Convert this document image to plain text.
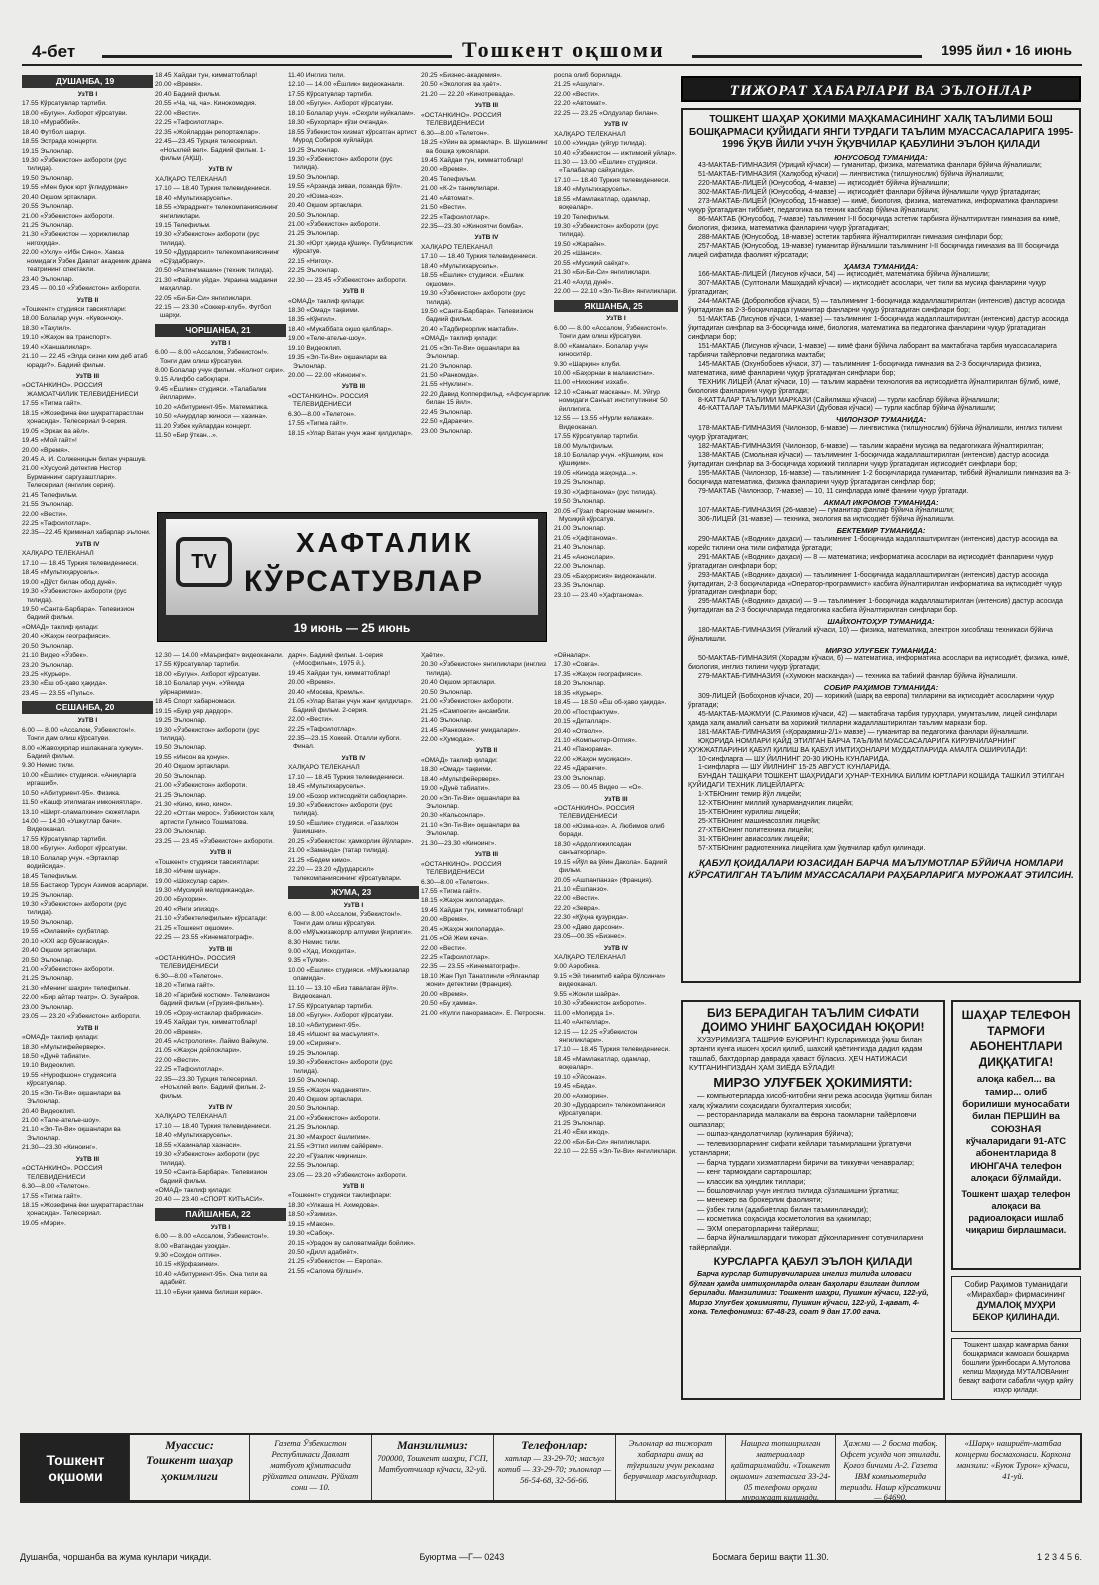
4-бет	Тошкент оқшоми	1995 йил • 16 июнь

ДУШАНБА, 19

УзТВ I

17.55 Кўрсатувлар тартиби.

18.00 «Бугун». Ахборот кўрсатуви.

18.10 «Мураббий».

18.40 Футбол шарҳи.

18.55 Эстрада концерти.

19.15 Эълонлар.

19.30 «Ўзбекистон» ахбороти (рус тилида).

19.50 Эълонлар.

19.55 «Мен буюк юрт ўғлидурман»

20.40 Оқшом эртаклари.

20.55 Эълонлар.

21.00 «Ўзбекистон» ахбороти.

21.25 Эълонлар.

21.30 «Ўзбекистон — ҳорижликлар нигоҳида».

22.00 «Ухлу» «Ибн Сино». Хамза номидаги Ўзбек Давлат академик драма театрининг спектакли.

23.40 Эълонлар.

23.45 — 00.10 «Ўзбекистон» ахбороти.

УзТВ II

«Тошкент» студияси тавсиятлари:

18.00 Болалар учун. «Кувончоқ».

18.30 «Таҳлил».

19.10 «Жаҳон ва транспорт».

19.40 «Ханшаликлар».

21.10 — 22.45 «Элда сизни ким деб атаб юради?». Бадиий фильм.

УзТВ III

«ОСТАНКИНО». РОССИЯ ЖАМОАТЧИЛИК ТЕЛЕВИДЕНИЕСИ

17.55 «Тигма гайт».

18.15 «Жозефина ёки шукраттарастлан ҳонасида». Телесериал 9-серия.

19.05 «Эркак ва аёл».

19.45 «Мой гайт»!

20.00 «Время».

20.45 А. И. Солженицын билан учрашув.

21.00 «Хусусий детектив Нестор Бурманнинг саргузаштлари». Телесериал (янгилик серия).

21.45 Телефильм.

21.55 Эълонлар.

22.00 «Вести».

22.25 «Тафсилотлар».

22.35—22.45 Криминал хабарлар эълони.

УзТВ IV

ХАЛҚАРО ТЕЛЕКАНАЛ

17.10 — 18.45 Туркия телевидениеси.

18.45 «Мультиҳарусель».

19.00 «Дўст билан обод дунё».

19.30 «Ўзбекистон» ахбороти (рус тилида).

19.50 «Санта-Барбара». Телевизион бадиий фильм.

«ОМАД» таклиф қилади:

20.40 «Жаҳон географияси».

20.50 Эълонлар.

21.10 Видео «Ўзбек».

23.20 Эълонлар.

23.25 «Курьер».

23.30 «Ёш об-ҳаво ҳақида».

23.45 — 23.55 «Пульс».

СЕШАНБА, 20

УзТВ I

6.00 — 8.00 «Ассалом, Ўзбекистон!». Тонги дам олиш кўрсатуви.

8.00 «Жавоҳирлар ишлаканага ҳужум». Бадиий фильм.

9.30 Немис тили.

10.00 «Ёшлик» студияси. «Аниқларга иргашиб».

10.50 «Абитуриент-95». Физика.

11.50 «Кашф этилмаган имкониятлар».

13.10 «Ширт-сламалхини» сюжетлари.

14.00 — 14.30 «Ушкутлар бачи». Видеоканал.

17.55 Кўрсатувлар тартиби.

18.00 «Бугун». Ахборот кўрсатуви.

18.10 Болалар учун. «Эртаклар водийсида».

18.45 Телефильм.

18.55 Бастакор Турсун Азимов асарлари.

19.25 Эълонлар.

19.30 «Ўзбекистон» ахбороти (рус тилида).

19.50 Эълонлар.

19.55 «Оилавий» суҳбатлар.

20.10 «XXI аср бўсағасида».

20.40 Оқшом эртаклари.

20.50 Эълонлар.

21.00 «Ўзбекистон» ахбороти.

21.25 Эълонлар.

21.30 «Менинг шаҳри» телефильм.

22.00 «Бир айтар театр». О. Зуғайров.

23.00 Эълонлар.

23.05 — 23.20 «Ўзбекистон» ахбороти.

УзТВ II

«ОМАД» таклиф қилади:

18.30 «Мультифейерверк».

18.50 «Дунё табиати».

19.10 Видеоклип.

19.55 «Нурофшон» студиясига кўрсатувлар.

20.15 «Эл-Ти-Ви» оқшанлари ва Эълонлар.

20.40 Видеоклип.

21.00 «Тале-атеље-шоу».

21.10 «Эл-Ти-Ви» оқшанлари ва Эълонлар.

21.30—23.30 «Киноинг».

УзТВ III

«ОСТАНКИНО». РОССИЯ ТЕЛЕВИДЕНИЕСИ

6.30—8.00 «Телетон».

17.55 «Тигма гайт».

18.15 «Жозефина ёки шукраттарастлан ҳонасида». Телесериал.

19.05 «Мэри».

18.45 Хайдаи тун, кимматтоблар!

20.00 «Время».

20.40 Бадиий фильм.

20.55 «Ча, ча, ча». Кинокомедия.

22.00 «Вести».

22.25 «Тафсилотлар».

22.35 «Жойлардан репортажлар».

22.45—23.45 Турция телесериал. «Ноъхлей вел». Бадиий фильм. 1-фильм (АҚШ).

УзТВ IV

ХАЛҚАРО ТЕЛЕКАНАЛ

17.10 — 18.40 Туркия телевидениеси.

18.40 «Мультихарусель».

18.55 «Уврадрнет» телекомпаниясининг янгиликлари.

19.15 Телефильм.

19.30 «Ўзбекистон» ахбороти (рус тилида).

19.50 «Дурдарсил» телекомпаниясининг «Сўздабраку».

20.50 «Ратингмашин» (техник тилида).

21.30 «Файзли уйда». Украина мадаини маҳаллар.

22.05 «Би-Би-Си» янгиликлари.

22.15 — 23.30 «Соккер-клуб». Футбол шарҳи.

ЧОРШАНБА, 21

УзТВ I

6.00 — 8.00 «Ассалом, Ўзбекистон!». Тонги дам олиш кўрсатуви.

8.00 Болалар учун фильм. «Колнот сири».

9.15 Алифбо сабоқлари.

9.45 «Ёшлик» студияси. «Талабалик йилларим».

10.20 «Абитуриент-95». Математика.

10.50 «Анурдлар жиноси — хазина».

11.20 Ўзбек куйлардан концерт.

11.50 «Бир ўткан...».

11.40 Инглиз тили.

12.10 — 14.00 «Ёшлик» видеоканали.

17.55 Кўрсатувлар тартиби.

18.00 «Бугун». Ахборот кўрсатуви.

18.10 Болалар учун. «Сеҳрли нуйкалам».

18.30 «Бухорлар» кўзи очганда».

18.55 Ўзбекистон хизмат кўрсатган артист Мурод Собиров куйлайди.

19.25 Эълонлар.

19.30 «Ўзбекистон» ахбороти (рус тилида).

19.50 Эълонлар.

19.55 «Арзанда зиваи, позанда бўл».

20.20 «Юзма-юз».

20.40 Оқшом эртаклари.

20.50 Эълонлар.

21.00 «Ўзбекистон» ахбороти.

21.25 Эълонлар.

21.30 «Юрт ҳақида қўшиқ». Публицистик кўрсатув.

22.15 «Нигоҳ».

22.25 Эълонлар.

22.30 — 23.45 «Ўзбекистон» ахбороти.

УзТВ II

«ОМАД» таклиф қилади:

18.30 «Омад» тақвими.

18.35 «Кўнгил».

18.40 «Мукаббата оқшо қалблар».

19.00 «Теле-атеље-шоу».

19.10 Видеоклип.

19.35 «Эл-Ти-Ви» оқшанлари ва Эълонлар.

20.00 — 22.00 «Киноинг».

УзТВ III

«ОСТАНКИНО». РОССИЯ ТЕЛЕВИДЕНИЕСИ

6.30—8.00 «Телетон».

17.55 «Тигма гайт».

18.15 «Улар Ватан учун жанг қилдилар».

20.25 «Бизнес-академия».

20.50 «Экология ва ҳаёт».

21.20 — 22.20 «Кинотревада».

УзТВ III

«ОСТАНКИНО». РОССИЯ ТЕЛЕВИДЕНИЕСИ

6.30—8.00 «Телетон».

18.25 «Уйин ва эрмаклар». В. Шукшининг ва бошқа ҳикоялари.

19.45 Хайдаи тун, кимматтоблар!

20.00 «Время».

20.45 Телефильм.

21.00 «К-2» таниқлилари.

21.40 «Автомат».

21.50 «Вести».

22.25 «Тафсилотлар».

22.35—23.30 «Жиноятчи бомба».

УзТВ IV

ХАЛҚАРО ТЕЛЕКАНАЛ

17.10 — 18.40 Туркия телевидениеси.

18.40 «Мультихарусель».

18.55 «Ёшлик» студияси. «Ёшлик оқшоми».

19.30 «Ўзбекистон» ахбороти (рус тилида).

19.50 «Санта-Барбара». Телевизион бадиий фильм.

20.40 «Тадбиркорлик мактаби».

«ОМАД» таклиф қилади:

21.05 «Эл-Ти-Ви» оқшанлари ва Эълонлар.

21.20 Эълонлар.

21.50 «Ранкомда».

21.55 «Нуклинг».

22.20 Давид Копперфильд. «Афсунгарлик билан 15 йил».

22.45 Эълонлар.

22.50 «Даракчи».

23.00 Эълонлар.

роспа олиб бориладн.

21.25 «Ашулаг».

22.00 «Вести».

22.20 «Автомат».

22.25 — 23.25 «Олдузлар билан».

УзТВ IV

ХАЛҚАРО ТЕЛЕКАНАЛ

10.00 «Уинда» (уйгур тилида).

10.40 «Ўзбекистон — ижтимоий уйлар».

11.30 — 13.00 «Ёшлик» студияси. «Талабалар сайҳагида».

17.10 — 18.40 Туркия телевидениеси.

18.40 «Мультихарусель».

18.55 «Мамлакатлар, одамлар, воқеалар».

19.20 Телефильм.

19.30 «Ўзбекистон» ахбороти (рус тилида).

19.50 «Жарайн».

20.25 «Шанси».

20.55 «Мусиқий саёҳат».

21.30 «Би-Би-Си» янгиликлари.

21.40 «Аҳлд дунё».

22.00 — 22.10 «Эл-Ти-Ви» янгиликлари.

ЯКШАНБА, 25

УзТВ I

6.00 — 8.00 «Ассалом, Ўзбекистон!». Тонги дам олиш кўрсатуви.

8.00 «Камалак». Болалар учун киноситёр.

9.30 «Шарқин» клуби.

10.00 «Баҳорнаи в малакистни».

11.00 «Нихонинг изхаб».

12.10 «Саньат масканы». М. Уйгур номидаги Санъат институтининг 50 йиллигига.

12.55 — 13.55 «Нурли келажак». Видеоканал.

17.55 Кўрсатувлар тартиби.

18.00 Мультфильм.

18.10 Болалар учун. «Кўшиқим, кон қўшиқим».

19.05 «Кинода жаҳонда...».

19.25 Эълонлар.

19.30 «Ҳафтанома» (рус тилида).

19.50 Эълонлар.

20.05 «Гўзал Фарғонам менинг». Мусиқий кўрсатув.

21.00 Эълонлар.

21.05 «Ҳафтанома».

21.40 Эълонлар.

21.45 «Анонслари».

22.00 Эълонлар.

23.05 «Баҳорисия» видеоканали.

23.35 Эълонлар.

23.10 — 23.40 «Ҳафтанома».

TV
ХАФТАЛИК
КЎРСАТУВЛАР
19 июнь — 25 июнь

12.30 — 14.00 «Маърифат» видеоканали.

17.55 Кўрсатувлар тартиби.

18.00 «Бугун». Ахборот кўрсатуви.

18.10 Болалар учун. «Уйкида уйрнаримиз».

18.45 Спорт хабарномаси.

19.15 «Букр уяр дардор».

19.25 Эълонлар.

19.30 «Ўзбекистон» ахбороти (рус тилида).

19.50 Эълонлар.

19.55 «Инсон ва қонун».

20.40 Оқшом эртаклари.

20.50 Эълонлар.

21.00 «Ўзбекистон» ахбороти.

21.25 Эълонлар.

21.30 «Кино, кино, кино».

22.20 «Оттан мерос». Ўзбекистон халқ артисти Гулнисо Тошматова.

23.00 Эълонлар.

23.25 — 23.45 «Ўзбекистон» ахбороти.

УзТВ II

«Тошкент» студияси тавсиятлари:

18.30 «Ичим шунар».

19.00 «Шохсулар сари».

19.30 «Мусиқий мелодиканода».

20.00 «Бухорин».

20.40 «Янги эпизод».

21.10 «Ўзбектелефильм» кўрсатади:

21.25 «Тошкент оқшоми».

22.25 — 23.55 «Кинематограф».

УзТВ III

«ОСТАНКИНО». РОССИЯ ТЕЛЕВИДЕНИЕСИ

6.30—8.00 «Телетон».

18.20 «Тигма гайт».

18.20 «Гарибиё костюм». Телевизион бадиий фильм («Грузия-фильм»).

19.05 «Орзу-истаклар фабрикаси».

19.45 Хайдаи тун, кимматтоблар!

20.00 «Время».

20.45 «Астрология». Лаймо Вайкуле.

21.05 «Жаҳон дойлоклари».

22.00 «Вести».

22.25 «Тафсилотлар».

22.35—23.30 Турция телесериал. «Ноъхлей вел». Бадиий фильм. 2-фильм.

УзТВ IV

ХАЛҚАРО ТЕЛЕКАНАЛ

17.10 — 18.40 Туркия телевидениеси.

18.40 «Мультихарусель».

18.55 «Хазиналар хазнаси».

19.30 «Ўзбекистон» ахбороти (рус тилида).

19.50 «Санта-Барбара». Телевизион бадиий фильм.

«ОМАД» таклиф қилади:

20.40 — 23.40 «СПОРТ КИТЬАСИ».

ПАЙШАНБА, 22

УзТВ I

6.00 — 8.00 «Ассалом, Ўзбекистон!».

8.00 «Ватандан узоқда».

9.30 «Соҳдон олтин».

10.15 «Кўрфазинки».

10.40 «Абитуриент-95». Она тили ва адабиёт.

11.10 «Буни қамма билиши керак».

дарч». Бадиий фильм. 1-серия («Мосфильм», 1975 й.).

19.45 Хайдаи тун, кимматтоблар!

20.00 «Время».

20.40 «Москва, Кремль».

21.05 «Улар Ватан учун жанг қилдилар». Бадиий фильм. 2-серия.

22.00 «Вести».

22.25 «Тафсилотлар».

22.35—23.15 Хоккей. Оталли кубоги. Финал.

УзТВ IV

ХАЛҚАРО ТЕЛЕКАНАЛ

17.10 — 18.45 Туркия телевидениеси.

18.45 «Мультихарусель».

19.00 «Бозор иктисодиёти сабоқлари».

19.30 «Ўзбекистон» ахбороти (рус тилида).

19.50 «Ёшлик» студияси. «Газалхон ўшиишни».

20.25 «Ўзбекистон: ҳамкорлик йўллари».

21.00 «Заманда» (татар тилида).

21.25 «Бедем кимо».

22.20 — 23.20 «Дурдарсил» телекомпаниясининг кўрсатувлари.

ЖУМА, 23

УзТВ I

6.00 — 8.00 «Ассалом, Ўзбекистон!». Тонги дам олиш кўрсатуви.

8.00 «Мўъжизакорлр алтумви ўғирлиги».

8.30 Немис тили.

9.00 «Ҳад, Искодита».

9.35 «Тулки».

10.00 «Ёшлик» студияси. «Мўъжизалар оламида».

11.10 — 13.10 «Биз тавалаган йўл». Видеоканал.

17.55 Кўрсатувлар тартиби.

18.00 «Бугун». Ахборот кўрсатуви.

18.10 «Абитуриент-95».

18.45 «Ишонт ва масъулият».

19.00 «Сириянг».

19.25 Эълонлар.

19.30 «Ўзбекистон» ахбороти (рус тилида).

19.50 Эълонлар.

19.55 «Жаҳон маданияти».

20.40 Оқшом эртаклари.

20.50 Эълонлар.

21.00 «Ўзбекистон» ахбороти.

21.25 Эълонлар.

21.30 «Маҳрост ёшлигим».

21.55 «Эттил иилим сайёрем».

22.20 «Гўзалик чиқиниш».

22.55 Эълонлар.

23.05 — 23.20 «Ўзбекистон» ахбороти.

УзТВ II

«Тошкент» студияси таклифлари:

18.30 «Улкаша Н. Ахмедова».

18.50 «Ўзимиз».

19.15 «Макон».

19.30 «Сабоқ».

20.15 «Урадон ву саловатмайди бойлик».

20.50 «Дилл адабиёт».

21.25 «Ўзбекистон — Европа».

21.55 «Салома бўлшн!».

Ҳаёти».

20.30 «Ўзбекистон» янгиликлари (инглиз тилида).

20.40 Оқшом эртаклари.

20.50 Эълонлар.

21.00 «Ўзбекистон» ахбороти.

21.25 «Сампоеги» ансамбли.

21.40 Эълонлар.

21.45 «Ранкомнинг умидалари».

22.00 «Ҳумодаз».

УзТВ II

«ОМАД» таклиф қилади:

18.30 «Омад» тақвими.

18.40 «Мультфейерверк».

19.00 «Дунё табиати».

20.00 «Эл-Ти-Ви» оқшанлари ва Эълонлар.

20.30 «Кальсонлар».

21.10 «Эл-Ти-Ви» оқшанлари ва Эълонлар.

21.30—23.30 «Киноинг».

УзТВ III

«ОСТАНКИНО». РОССИЯ ТЕЛЕВИДЕНИЕСИ

6.30—8.00 «Телетон».

17.55 «Тигма гайт».

18.15 «Жаҳон жилоларда».

19.45 Хайдаи тун, кимматтоблар!

20.00 «Время».

20.45 «Жаҳон жилоларда».

21.05 «Ой Жем кеча».

22.00 «Вести».

22.25 «Тафсилотлар».

22.35 — 23.55 «Кинематограф».

18.10 Жан Пул Танатлинли «Ялғанлар жони» детективи (Франция).

20.00 «Время».

20.50 «Бу ҳамма».

21.00 «Кулги панорамаси». Е. Петросян.

«Ойналар».

17.30 «Совга».

17.35 «Жаҳон географияси».

18.20 Эълонлар.

18.35 «Курьер».

18.45 — 18.50 «Ёш об-ҳаво ҳақида».

20.00 «Постфактум».

20.15 «Деталлар».

20.40 «Отвол»».

21.10 «Компьютер-Оптия».

21.40 «Панорама».

22.00 «Жаҳон мусиқаси».

22.45 «Даракчи».

23.00 Эълонлар.

23.05 — 00.45 Видео — «О».

УзТВ III

«ОСТАНКИНО». РОССИЯ ТЕЛЕВИДЕНИЕСИ

18.00 «Юзма-юз». А. Любимов олиб боради.

18.30 «Ардолгижилсадан санъаткорлар».

19.15 «Йўл ва ўйин Дакола». Бадиий фильм.

20.05 «Ашпанпанза» (Франция).

21.10 «Ёшпанзо».

22.00 «Вести».

22.20 «Зевра».

22.30 «Қўҳна қузурида».

23.00 «Даво дарсони».

23.05—00.35 «Бизнес».

УзТВ IV

ХАЛҚАРО ТЕЛЕКАНАЛ

9.00 Аэробика.

9.15 «Эй тинимтиб кайра бўлсинчи» видеоканал.

9.55 «Жонли шайра».

10.30 «Ўзбекистон ахбороти».

11.00 «Молирда 1».

11.40 «Антеллар».

12.15 — 12.25 «Ўзбекистон янгиликлари».

17.10 — 18.45 Туркия телевидениеси.

18.45 «Мамлакатлар, одамлар, воқеалар».

19.10 «Ўйсоназ».

19.45 «Беда».

20.00 «Ахморин».

20.30 «Дурдарсил» телекомпанияси кўрсатувлари.

21.25 Эълонлар.

21.40 «Ёки ижод».

22.00 «Би-Би-Си» янгиликлари.

22.10 — 22.55 «Эл-Ти-Ви» янгиликлари.

ТИЖОРАТ ХАБАРЛАРИ ВА ЭЪЛОНЛАР
ТОШКЕНТ ШАҲАР ҲОКИМИ МАҲКАМАСИНИНГ ХАЛҚ ТАЪЛИМИ БОШ БОШҚАРМАСИ ҚУЙИДАГИ ЯНГИ ТУРДАГИ ТАЪЛИМ МУАССАСАЛАРИГА 1995-1996 ЎҚУВ ЙИЛИ УЧУН ЎҚУВЧИЛАР ҚАБУЛИНИ ЭЪЛОН ҚИЛАДИ
ЮНУСОБОД ТУМАНИДА:

43-МАКТАБ-ГИМНАЗИЯ (Уриций кўчаси) — гуманитар, физика, математика фанлари бўйича йўналишли;

51-МАКТАБ-ГИМНАЗИЯ (Халқобод кўчаси) — лингвистика (тилшунослик) бўйича йўналишли;

220-МАКТАБ-ЛИЦЕЙ (Юнусобод, 4-мавзе) — иқтисодиёт бўйича йўналишли;

302-МАКТАБ-ЛИЦЕЙ (Юнусобод, 4-мавзе) — иқтисодиёт фанлари бўйича йўналишли чуқур ўргатадиган;

273-МАКТАБ-ЛИЦЕЙ (Юнусобод, 15-мавзе) — кимё, биология, физика, математика, информатика фанларини чуқур ўргатадиган тиббиёт, педагогика ва техник касблар бўйича йўналишли;

86-МАКТАБ (Юнусобод, 7-мавзе) таълимнинг I-II босқичида эстетик тарбияга йўналтирилган гимназия ва кимё, биология, физика, математика фанларини чуқур ўргатадиган;

288-МАКТАБ (Юнусобод, 18-мавзе) эстетик тарбияга йўналтирилган гимназия синфлари бор;

257-МАКТАБ (Юнусобод, 19-мавзе) гуманитар йўналишли таълимнинг I-II босқичида гимназия ва III босқичида лицей сифатида фаолият кўрсатади;

ҲАМЗА ТУМАНИДА:

166-МАКТАБ-ЛИЦЕЙ (Лисунов кўчаси, 54) — иқтисодиёт, математика бўйича йўналишли;

307-МАКТАБ (Султонали Машҳадий кўчаси) — иқтисодиёт асослари, чет тили ва мусиқа фанларини чуқур ўргатадиган;

244-МАКТАБ (Добролюбов кўчаси, 5) — таълимнинг 1-босқичида жадаллаштирилган (интенсив) дастур асосида ўқитадиган ва 2-3-босқичларда гуманитар фанларни чуқур ўргатадиган синфлари бор;

51-МАКТАБ (Лисунов кўчаси, 1-мавзе) — таълимнинг 1-босқичида жадаллаштирилган (интенсив) дастур асосида ўқитадиган синфлар ва 3-босқичида кимё, биология, математика ва педагогика фанларини чуқур ўргатадиган синфлари бор;

151-МАКТАБ (Лисунов кўчаси, 1-мавзе) — кимё фани бўйича лаборант ва мактабгача тарбия муассасаларига тарбиячи тайёрловчи педагогика мактаби;

145-МАКТАБ (Охунбобоев кўчаси, 37) — таълимнинг 1-босқичида гимназия ва 2-3 босқичларида физика, математика, кимё фанларини чуқур ўргатадиган синфлари бор;

ТЕХНИК ЛИЦЕЙ (Алат кўчаси, 10) — таълим жараёни технология ва иқтисодиётга йўналтирилган бўлиб, кимё, биология фанларини чуқур ўргатади;

8-КАТТАЛАР ТАЪЛИМИ МАРКАЗИ (Сайилмаш кўчаси) — турли касблар бўйича йўналишли;

46-КАТТАЛАР ТАЪЛИМИ МАРКАЗИ (Дубовая кўчаси) — турли касблар бўйича йўналишли;

ЧИЛОНЗОР ТУМАНИДА:

178-МАКТАБ-ГИМНАЗИЯ (Чилонзор, 6-мавзе) — лингвистика (тилшунослик) бўйича йўналишли, инглиз тилини чуқур ўргатадиган;

182-МАКТАБ-ГИМНАЗИЯ (Чилонзор, 6-мавзе) — таълим жараёни мусиқа ва педагогикага йўналтирилган;

138-МАКТАБ (Смольная кўчаси) — таълимнинг 1-босқичида жадаллаштирилган (интенсив) дастур асосида ўқитадиган синфлар ва 3-босқичида хорижий тилларни чуқур ўргатадиган иқтисодиёт синфлари бор;

195-МАКТАБ (Чилонзор, 16-мавзе) — таълимнинг 1-2 босқичларида гуманитар, тиббий йўналишли гимназия ва 3-босқичида математика, физика фанларини чуқур ўргатадиган синфлар бор;

79-МАКТАБ (Чилонзор, 7-мавзе) — 10, 11 синфларда кимё фанини чуқур ўргатади.

АКМАЛ ИКРОМОВ ТУМАНИДА:

107-МАКТАБ-ГИМНАЗИЯ (26-мавзе) — гуманитар фанлар бўйича йўналишли;

306-ЛИЦЕЙ (31-мавзе) — техника, экология ва иқтисодиёт бўйича йўналишли.

БЕКТЕМИР ТУМАНИДА:

290-МАКТАБ («Водник» даҳаси) — таълимнинг 1-босқичида жадаллаштирилган (интенсив) дастур асосида ва корейс тилини она тили сифатида ўргатади;

291-МАКТАБ («Водник» даҳаси) — 8 — математика; информатика асослари ва иқтисодиёт фанларини чуқур ўргатадиган синфлари бор;

293-МАКТАБ («Водник» даҳаси) — таълимнинг 1-босқичида жадаллаштирилган (интенсив) дастур асосида ўқитадиган, 2-3 босқичларида «Оператор-программист» касбига йўналтирилган информатика ва иқтисодиёт чуқур ўргатадиган синфлари бор;

295-МАКТАБ («Водник» даҳаси) — 9 — таълимнинг 1-босқичида жадаллаштирилган (интенсив) дастур асосида ўқитадиган ва 2-3 босқичларида педагогика касбига йўналтирилган синфлари бор.

ШАЙХОНТОҲУР ТУМАНИДА:

180-МАКТАБ-ГИМНАЗИЯ (Уйғалий кўчаси, 10) — физика, математика, электрон хисоблаш техникаси бўйича йўналишли.

МИРЗО УЛУҒБЕК ТУМАНИДА:

50-МАКТАБ-ГИМНАЗИЯ (Хорадзм кўчаси, 6) — математика, информатика асослари ва иқтисодиёт, физика, кимё, биология, инглиз тилини чуқур ўргатади;

279-МАКТАБ-ГИМНАЗИЯ («Хумоюн масканда») — техника ва табиий фанлар бўйича йўналишли.

СОБИР РАҲИМОВ ТУМАНИДА:

309-ЛИЦЕЙ (Бобоҳонов кўчаси, 20) — хорижий (шарқ ва европа) тилларини ва иқтисодиёт асосларини чуқур ўргатади;

45-МАКТАБ-МАЖМУИ (С.Рахимов кўчаси, 42) — мактабгача тарбия гуруҳлари, умумтаълим, лицей синфлари ҳамда халқ амалий санъати ва хорижий тилларни жадаллаштирилган таълим маркази бор.

181-МАКТАБ-ГИМНАЗИЯ («Қорақамиш-2/1» мавзе) — гуманитар ва педагогика фанлари йўналишли.

ЮҚОРИДА НОМЛАРИ ҚАЙД ЭТИЛГАН БАРЧА ТАЪЛИМ МУАССАСАЛАРИГА КИРУВЧИЛАРНИНГ ҲУЖЖАТЛАРИНИ ҚАБУЛ ҚИЛИШ ВА ҚАБУЛ ИМТИҲОНЛАРИ МУДДАТЛАРИДА АМАЛГА ОШИРИЛАДИ:

10-синфларга — ШУ ЙИЛНИНГ 20-30 ИЮНЬ КУНЛАРИДА.

1-синфларга — ШУ ЙИЛНИНГ 15-25 АВГУСТ КУНЛАРИДА.

БУНДАН ТАШҚАРИ ТОШКЕНТ ШАҲРИДАГИ ҲУНАР-ТЕХНИКА БИЛИМ ЮРТЛАРИ КОШИДА ТАШКИЛ ЭТИЛГАН ҚУЙИДАГИ ТЕХНИК ЛИЦЕЙЛАРГА:

1-ХТБЮнинг темир йўл лицейи;

12-ХТБЮнинг миллий ҳунармандчилик лицейи;

15-ХТБЮнинг курилиш лицейи;

25-ХТБЮнинг машинасозлик лицейи;

27-ХТБЮнинг политехника лицейи;

31-ХТБЮнинг авиасозлик лицейи;

57-ХТБЮнинг радиотехника лицейига ҳам ўқувчилар қабул қилинади.

ҚАБУЛ ҚОИДАЛАРИ ЮЗАСИДАН БАРЧА МАЪЛУМОТЛАР БЎЙИЧА НОМЛАРИ КЎРСАТИЛГАН ТАЪЛИМ МУАССАСАЛАРИ РАҲБАРЛАРИГА МУРОЖААТ ЭТИЛСИН.
БИЗ БЕРАДИГАН ТАЪЛИМ СИФАТИ ДОИМО УНИНГ БАҲОСИДАН ЮҚОРИ!

ХУЗУРИМИЗГА ТАШРИФ БУЮРИНГ! Курсларимизда ўқиш билан эртанги кунга ишонч ҳосил қилиб, шахсий қаётингизда дадил қадам ташлаб, бахтдорлар даврада ҳаваст бўласиз. ҲЕЧ НАТИЖАСИ КУТГАНИНГИЗДАН ҲАМ ЗИЁДА БЎЛАДИ!

МИРЗО УЛУҒБЕК ҲОКИМИЯТИ:

— компьютерларда хисоб-китобни янги режа асосида ўқитиш билан халқ хўжалиги соҳасидаги бухгалтерия хисоби;

— ресторанларида малакали ва ёврона таомларни тайёрловчи ошпазлар;

— ошпаз-қандолатчилар (кулинария бўйича);

— телевизорларнинг сифати кейлари таъмирлашни ўргатувчи устанларни;

— барча турдаги хизматларни биричи ва тиккувчи ченавралар;

— кенг тармоқдаги сартарошлар;

— классик ва ҳиндлик тиллари;

— бошловчилар учун инглиз тилида сўзлашишни ўргатиш;

— менежер ва брокерлик фаолияти;

— ўзбек тили (адабиётлар билан таъминланади);

— косметика соҳасида косметология ва ҳакимлар;

— ЭХМ операторларини тайёрлаш;

— барча йўналишлардаги тижорат дўконларининг сотувчиларини тайёрлайди.

КУРСЛАРГА ҚАБУЛ ЭЪЛОН ҚИЛАДИ

Барча курслар битирувчиларига инглиз тилида иловаси бўлган ҳамда имтиҳонларда олган баҳолари ёзилган диплом берилади. Манзилимиз: Тошкент шаҳри, Пушкин кўчаси, 122-уй, Мирзо Улуғбек ҳокимияти, Пушкин кўчаси, 122-уй, 1-қават, 4-хона. Телефонимиз: 67-48-23, соат 9 дан 17.00 гача.

ШАҲАР ТЕЛЕФОН ТАРМОҒИ АБОНЕНТЛАРИ ДИҚҚАТИГА!
алоқа кабел... ва тамир... олиб борилиши муносабати билан ПЕРШИН ва СОЮЗНАЯ кўчаларидаги 91-АТС абонентларида 8 ИЮНГАЧА телефон алоқаси бўлмайди.
Тошкент шаҳар телефон алоқаси ва радиоалоқаси ишлаб чиқариш бирлашмаси.
Собир Раҳимов туманидаги «Мирахбар» фирмасининг
ДУМАЛОҚ МУҲРИ
БЕКОР ҚИЛИНАДИ.
Тошкент шаҳар жамғарма банки бошқармаси жамоаси бошқарма бошлиғи ўринбосари А.Мутолова келиш Маҳмуда МУТАЛОВАнинг бевақт вафоти сабабли чуқур қайғу изҳор қилади.
Тошкент оқшоми
Муассис:
Тошкент шаҳар ҳокимлиги
Газета Ўзбекистон Республикаси Давлат матбуот қўмитасида рўйхатга олинган. Рўйхат сони — 10.
Манзилимиз:
700000, Тошкент шаҳри, ГСП, Матбуотчилар кўчаси, 32-уй.
Телефонлар:
хатлар — 33-29-70; масъул котиб — 33-29-70; эълонлар — 56-54-68, 32-56-66.
Эълонлар ва тижорат хабарлари аниқ ва тўғрилиги учун реклама берувчилар масъулдирлар.
Нашрга топширилган материаллар қайтарилмайди. «Тошкент оқшоми» газетасига 33-24-05 телефони орқали мурожаат қилинади.
Ҳажми — 2 босма табоқ. Офсет усулда чоп этилади. Қоғоз бичими A-2. Газета IBM компьютерида терилди. Нашр кўрсаткичи — 64690.
«Шарқ» нашриёт-матбаа концерни босмахонаси. Корхона манзили: «Буюк Турон» кўчаси, 41-уй.
Душанба, чоршанба ва жума кунлари чиқади.	Буюртма —Г— 0243	Босмага бериш вақти 11.30.	1 2 3 4 5 6.
